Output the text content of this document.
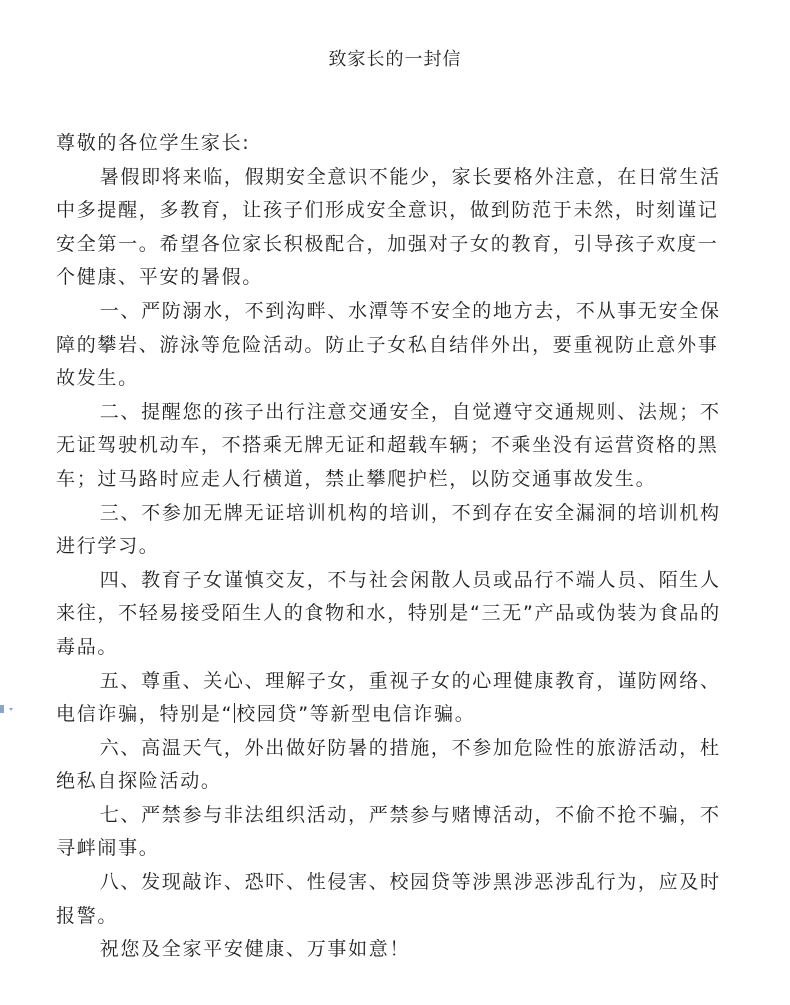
致家长的一封信

尊敬的各位学生家长:

暑假即将来临，假期安全意识不能少，家长要格外注意，在日常生活中多提醒，多教育，让孩子们形成安全意识，做到防范于未然，时刻谨记安全第一。希望各位家长积极配合，加强对子女的教育，引导孩子欢度一个健康、平安的暑假。

一、严防溺水，不到沟畔、水潭等不安全的地方去，不从事无安全保障的攀岩、游泳等危险活动。防止子女私自结伴外出，要重视防止意外事故发生。

二、提醒您的孩子出行注意交通安全，自觉遵守交通规则、法规；不无证驾驶机动车，不搭乘无牌无证和超载车辆；不乘坐没有运营资格的黑车；过马路时应走人行横道，禁止攀爬护栏，以防交通事故发生。

三、不参加无牌无证培训机构的培训，不到存在安全漏洞的培训机构进行学习。

四、教育子女谨慎交友，不与社会闲散人员或品行不端人员、陌生人来往，不轻易接受陌生人的食物和水，特别是“三无”产品或伪装为食品的毒品。

五、尊重、关心、理解子女，重视子女的心理健康教育，谨防网络、电信诈骗，特别是“ 校园贷”等新型电信诈骗。

六、高温天气，外出做好防暑的措施，不参加危险性的旅游活动，杜绝私自探险活动。

七、严禁参与非法组织活动，严禁参与赌博活动，不偷不抢不骗，不寻衅闹事。

八、发现敲诈、恐吓、性侵害、校园贷等涉黑涉恶涉乱行为，应及时报警。

祝您及全家平安健康、万事如意！
